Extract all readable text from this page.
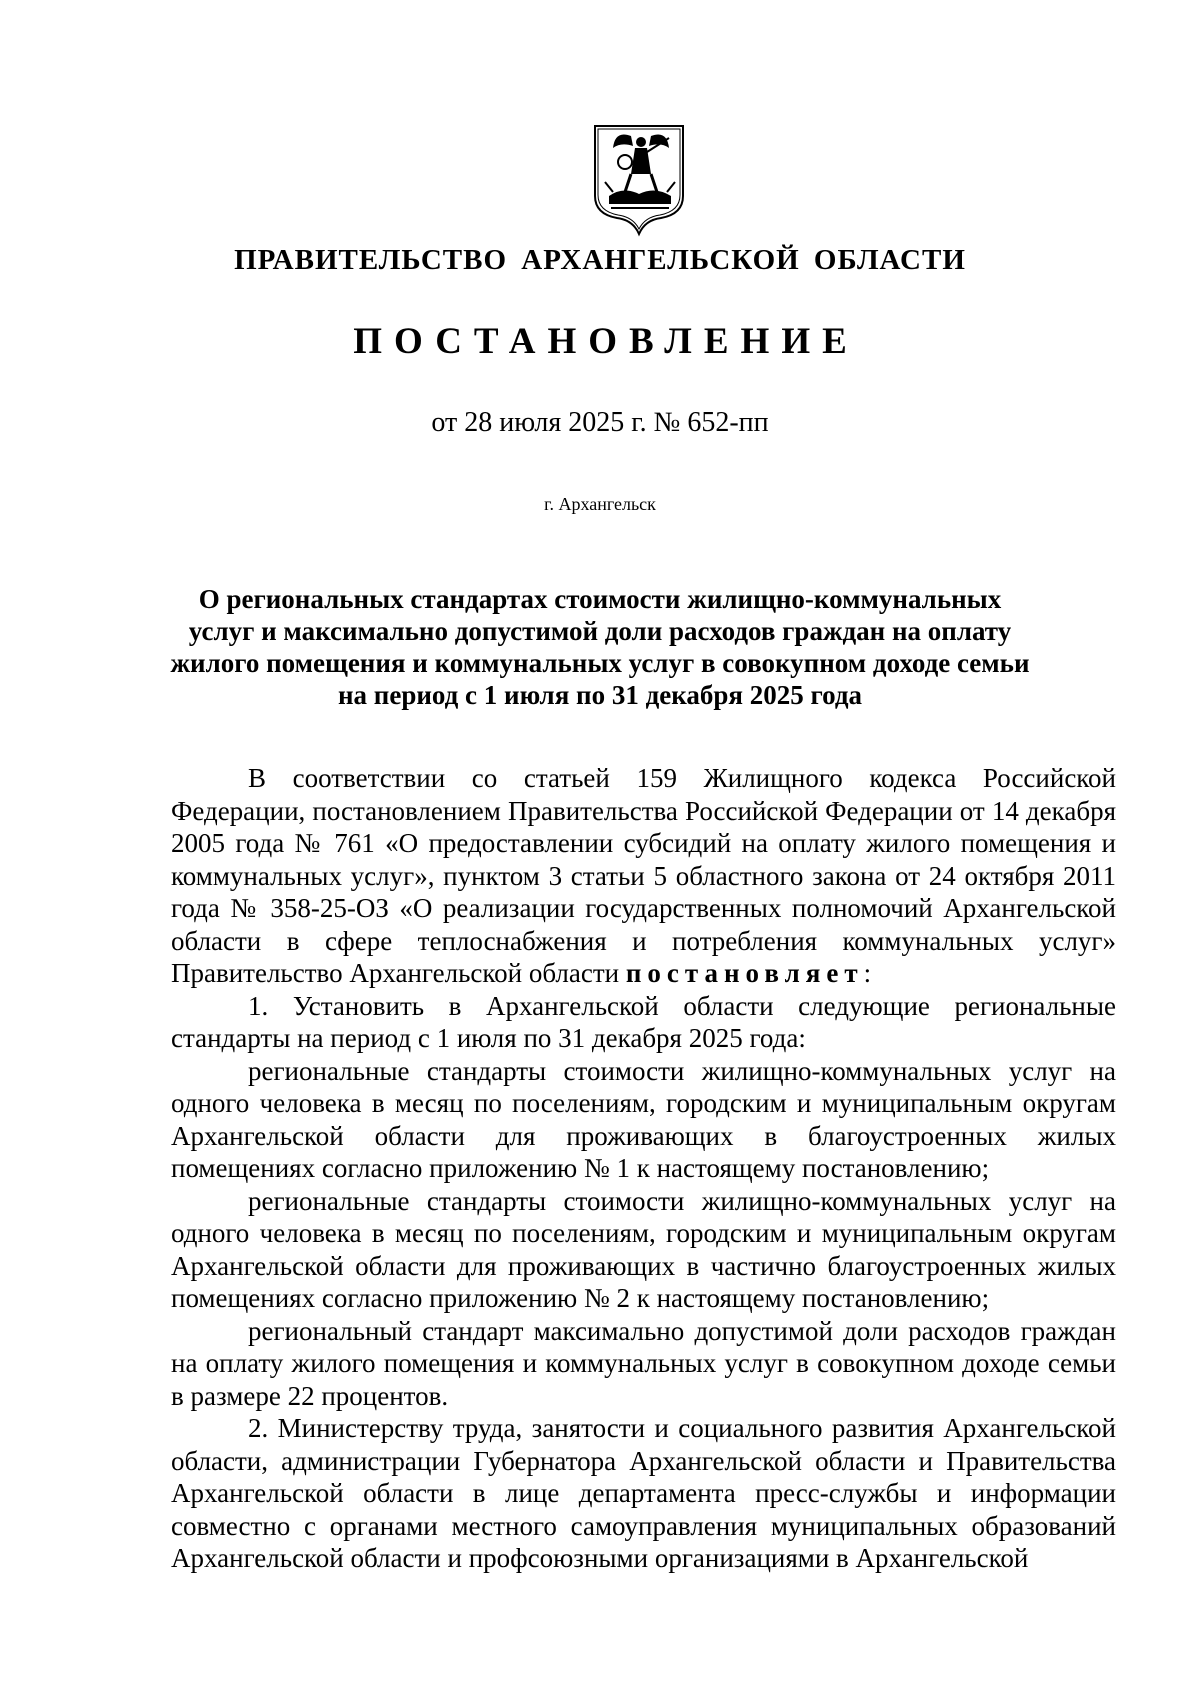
ПРАВИТЕЛЬСТВО АРХАНГЕЛЬСКОЙ ОБЛАСТИ
ПОСТАНОВЛЕНИЕ
от 28 июля 2025 г. № 652-пп
г. Архангельск
О региональных стандартах стоимости жилищно-коммунальных
услуг и максимально допустимой доли расходов граждан на оплату
жилого помещения и коммунальных услуг в совокупном доходе семьи
на период с 1 июля по 31 декабря 2025 года

В соответствии со статьей 159 Жилищного кодекса Российской Федерации, постановлением Правительства Российской Федерации от 14 декабря 2005 года № 761 «О предоставлении субсидий на оплату жилого помещения и коммунальных услуг», пунктом 3 статьи 5 областного закона от 24 октября 2011 года № 358-25-ОЗ «О реализации государственных полномочий Архангельской области в сфере теплоснабжения и потребления коммунальных услуг» Правительство Архангельской области постановляет:

1. Установить в Архангельской области следующие региональные стандарты на период с 1 июля по 31 декабря 2025 года:

региональные стандарты стоимости жилищно-коммунальных услуг на одного человека в месяц по поселениям, городским и муниципальным округам Архангельской области для проживающих в благоустроенных жилых помещениях согласно приложению № 1 к настоящему постановлению;

региональные стандарты стоимости жилищно-коммунальных услуг на одного человека в месяц по поселениям, городским и муниципальным округам Архангельской области для проживающих в частично благоустроенных жилых помещениях согласно приложению № 2 к настоящему постановлению;

региональный стандарт максимально допустимой доли расходов граждан на оплату жилого помещения и коммунальных услуг в совокупном доходе семьи в размере 22 процентов.

2. Министерству труда, занятости и социального развития Архангельской области, администрации Губернатора Архангельской области и Правительства Архангельской области в лице департамента пресс-службы и информации совместно с органами местного самоуправления муниципальных образований Архангельской области и профсоюзными организациями в Архангельской
